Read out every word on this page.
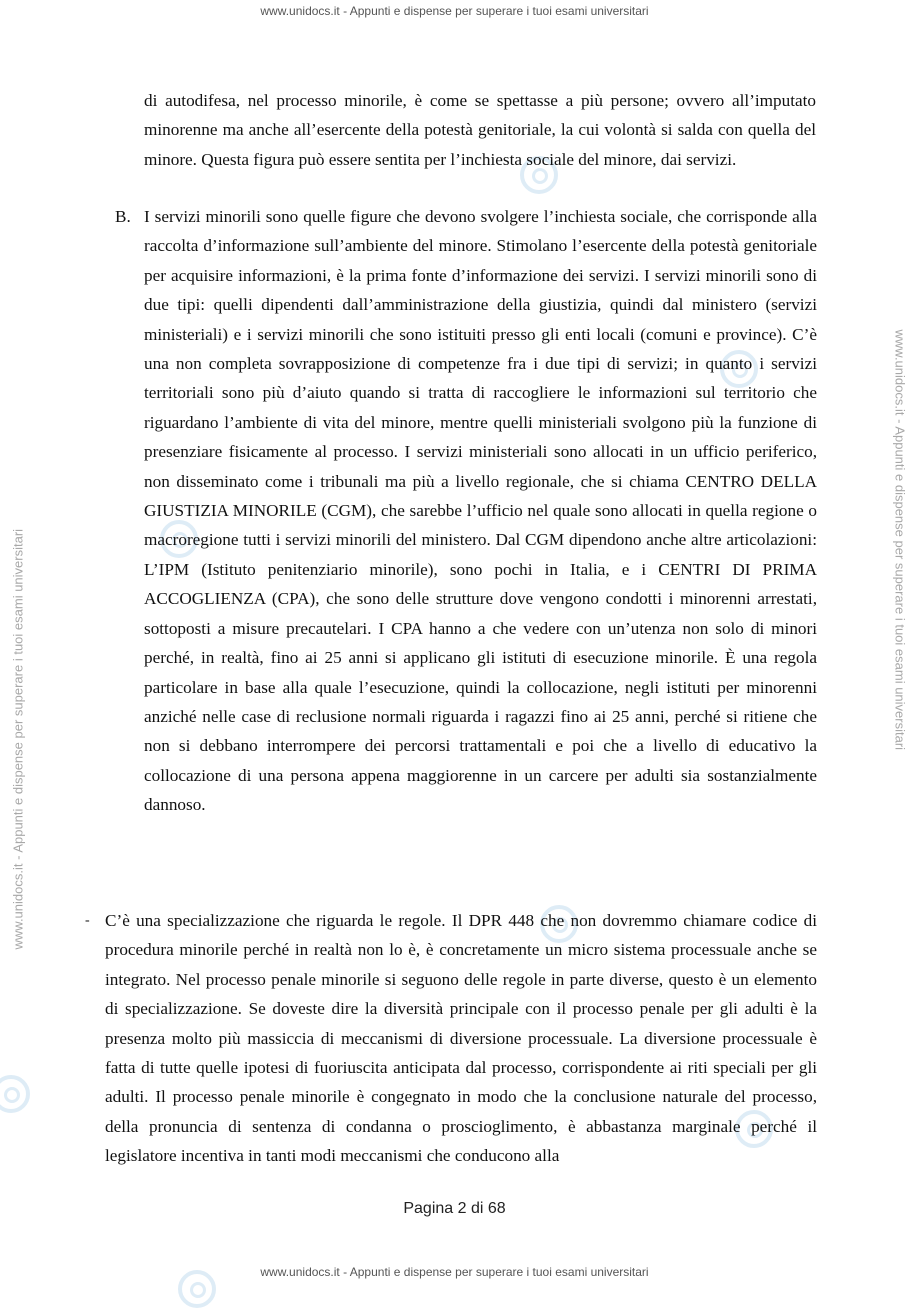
www.unidocs.it - Appunti e dispense per superare i tuoi esami universitari
www.unidocs.it - Appunti e dispense per superare i tuoi esami universitari	www.unidocs.it - Appunti e dispense per superare i tuoi esami universitari
di autodifesa, nel processo minorile, è come se spettasse a più persone; ovvero all’imputato minorenne ma anche all’esercente della potestà genitoriale, la cui volontà si salda con quella del minore. Questa figura può essere sentita per l’inchiesta sociale del minore, dai servizi.
B. I servizi minorili sono quelle figure che devono svolgere l’inchiesta sociale, che corrisponde alla raccolta d’informazione sull’ambiente del minore. Stimolano l’esercente della potestà genitoriale per acquisire informazioni, è la prima fonte d’informazione dei servizi. I servizi minorili sono di due tipi: quelli dipendenti dall’amministrazione della giustizia, quindi dal ministero (servizi ministeriali) e i servizi minorili che sono istituiti presso gli enti locali (comuni e province). C’è una non completa sovrapposizione di competenze fra i due tipi di servizi; in quanto i servizi territoriali sono più d’aiuto quando si tratta di raccogliere le informazioni sul territorio che riguardano l’ambiente di vita del minore, mentre quelli ministeriali svolgono più la funzione di presenziare fisicamente al processo. I servizi ministeriali sono allocati in un ufficio periferico, non disseminato come i tribunali ma più a livello regionale, che si chiama CENTRO DELLA GIUSTIZIA MINORILE (CGM), che sarebbe l’ufficio nel quale sono allocati in quella regione o macroregione tutti i servizi minorili del ministero. Dal CGM dipendono anche altre articolazioni: L’IPM (Istituto penitenziario minorile), sono pochi in Italia, e i CENTRI DI PRIMA ACCOGLIENZA (CPA), che sono delle strutture dove vengono condotti i minorenni arrestati, sottoposti a misure precautelari. I CPA hanno a che vedere con un’utenza non solo di minori perché, in realtà, fino ai 25 anni si applicano gli istituti di esecuzione minorile. È una regola particolare in base alla quale l’esecuzione, quindi la collocazione, negli istituti per minorenni anziché nelle case di reclusione normali riguarda i ragazzi fino ai 25 anni, perché si ritiene che non si debbano interrompere dei percorsi trattamentali e poi che a livello di educativo la collocazione di una persona appena maggiorenne in un carcere per adulti sia sostanzialmente dannoso.
- C’è una specializzazione che riguarda le regole. Il DPR 448 che non dovremmo chiamare codice di procedura minorile perché in realtà non lo è, è concretamente un micro sistema processuale anche se integrato. Nel processo penale minorile si seguono delle regole in parte diverse, questo è un elemento di specializzazione. Se doveste dire la diversità principale con il processo penale per gli adulti è la presenza molto più massiccia di meccanismi di diversione processuale. La diversione processuale è fatta di tutte quelle ipotesi di fuoriuscita anticipata dal processo, corrispondente ai riti speciali per gli adulti. Il processo penale minorile è congegnato in modo che la conclusione naturale del processo, della pronuncia di sentenza di condanna o proscioglimento, è abbastanza marginale perché il legislatore incentiva in tanti modi meccanismi che conducono alla
Pagina 2 di 68
www.unidocs.it - Appunti e dispense per superare i tuoi esami universitari
